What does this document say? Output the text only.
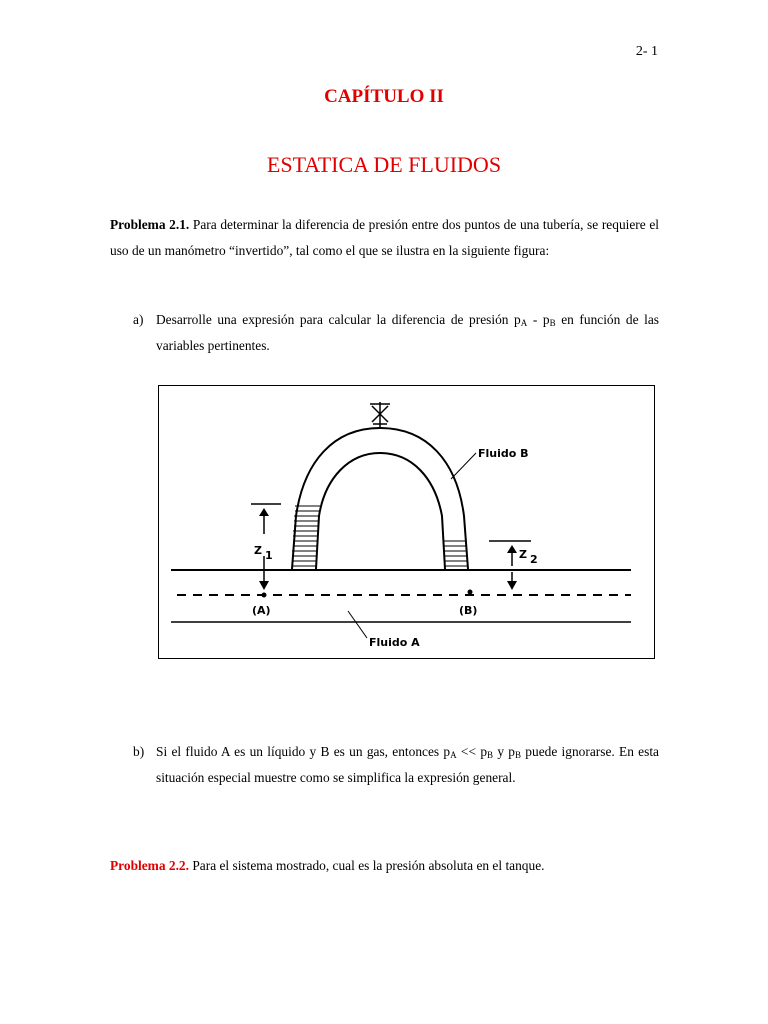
2- 1
CAPÍTULO II
ESTATICA DE FLUIDOS
Problema 2.1. Para determinar la diferencia de presión entre dos puntos de una tubería, se requiere el uso de un manómetro “invertido”, tal como el que se ilustra en la siguiente figura:
a) Desarrolle una expresión para calcular la diferencia de presión $p_A - p_B$ en función de las variables pertinentes.
Z 1	Z 2
(A)	(B)
Fluido B
Fluido A
b) Si el fluido A es un líquido y B es un gas, entonces $p_A << p_B$ y $p_B$ puede ignorarse. En esta situación especial muestre como se simplifica la expresión general.
Problema 2.2. Para el sistema mostrado, cual es la presión absoluta en el tanque.
